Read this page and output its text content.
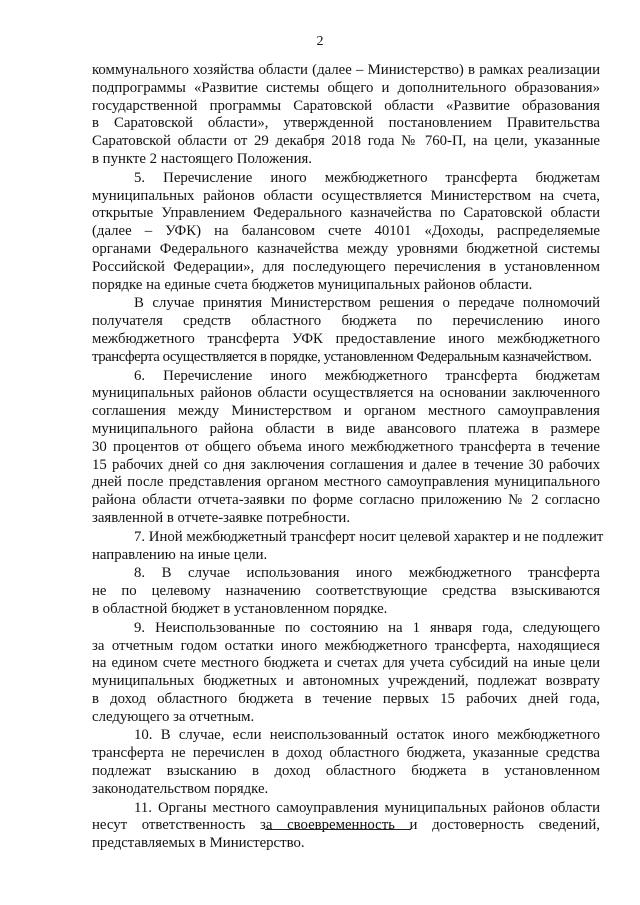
2
коммунального хозяйства области (далее – Министерство) в рамках реализации
подпрограммы «Развитие системы общего и дополнительного образования»
государственной программы Саратовской области «Развитие образования
в Саратовской области», утвержденной постановлением Правительства
Саратовской области от 29 декабря 2018 года № 760-П, на цели, указанные
в пункте 2 настоящего Положения.
5. Перечисление иного межбюджетного трансферта бюджетам
муниципальных районов области осуществляется Министерством на счета,
открытые Управлением Федерального казначейства по Саратовской области
(далее – УФК) на балансовом счете 40101 «Доходы, распределяемые
органами Федерального казначейства между уровнями бюджетной системы
Российской Федерации», для последующего перечисления в установленном
порядке на единые счета бюджетов муниципальных районов области.
В случае принятия Министерством решения о передаче полномочий
получателя средств областного бюджета по перечислению иного
межбюджетного трансферта УФК предоставление иного межбюджетного
трансферта осуществляется в порядке, установленном Федеральным казначейством.
6. Перечисление иного межбюджетного трансферта бюджетам
муниципальных районов области осуществляется на основании заключенного
соглашения между Министерством и органом местного самоуправления
муниципального района области в виде авансового платежа в размере
30 процентов от общего объема иного межбюджетного трансферта в течение
15 рабочих дней со дня заключения соглашения и далее в течение 30 рабочих
дней после представления органом местного самоуправления муниципального
района области отчета-заявки по форме согласно приложению № 2 согласно
заявленной в отчете-заявке потребности.
7. Иной межбюджетный трансферт носит целевой характер и не подлежит
направлению на иные цели.
8. В случае использования иного межбюджетного трансферта
не по целевому назначению соответствующие средства взыскиваются
в областной бюджет в установленном порядке.
9. Неиспользованные по состоянию на 1 января года, следующего
за отчетным годом остатки иного межбюджетного трансферта, находящиеся
на едином счете местного бюджета и счетах для учета субсидий на иные цели
муниципальных бюджетных и автономных учреждений, подлежат возврату
в доход областного бюджета в течение первых 15 рабочих дней года,
следующего за отчетным.
10. В случае, если неиспользованный остаток иного межбюджетного
трансферта не перечислен в доход областного бюджета, указанные средства
подлежат взысканию в доход областного бюджета в установленном
законодательством порядке.
11. Органы местного самоуправления муниципальных районов области
несут ответственность за своевременность и достоверность сведений,
представляемых в Министерство.
